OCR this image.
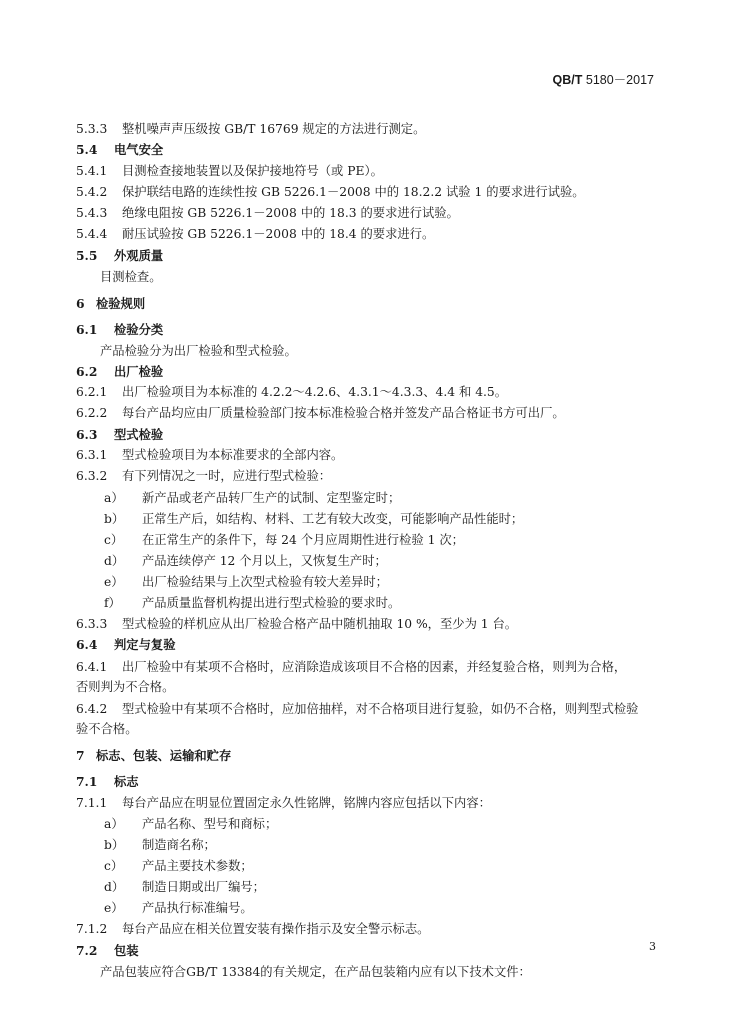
QB/T 5180－2017
5.3.3 整机噪声声压级按 GB/T 16769 规定的方法进行测定。
5.4 电气安全
5.4.1 目测检查接地装置以及保护接地符号（或 PE）。
5.4.2 保护联结电路的连续性按 GB 5226.1－2008 中的 18.2.2 试验 1 的要求进行试验。
5.4.3 绝缘电阻按 GB 5226.1－2008 中的 18.3 的要求进行试验。
5.4.4 耐压试验按 GB 5226.1－2008 中的 18.4 的要求进行。
5.5 外观质量
目测检查。
6 检验规则
6.1 检验分类
产品检验分为出厂检验和型式检验。
6.2 出厂检验
6.2.1 出厂检验项目为本标准的 4.2.2～4.2.6、4.3.1～4.3.3、4.4 和 4.5。
6.2.2 每台产品均应由厂质量检验部门按本标准检验合格并签发产品合格证书方可出厂。
6.3 型式检验
6.3.1 型式检验项目为本标准要求的全部内容。
6.3.2 有下列情况之一时，应进行型式检验：
a） 新产品或老产品转厂生产的试制、定型鉴定时；
b） 正常生产后，如结构、材料、工艺有较大改变，可能影响产品性能时；
c） 在正常生产的条件下，每 24 个月应周期性进行检验 1 次；
d） 产品连续停产 12 个月以上，又恢复生产时；
e） 出厂检验结果与上次型式检验有较大差异时；
f） 产品质量监督机构提出进行型式检验的要求时。
6.3.3 型式检验的样机应从出厂检验合格产品中随机抽取 10 %，至少为 1 台。
6.4 判定与复验
6.4.1 出厂检验中有某项不合格时，应消除造成该项目不合格的因素，并经复验合格，则判为合格，
否则判为不合格。
6.4.2 型式检验中有某项不合格时，应加倍抽样，对不合格项目进行复验，如仍不合格，则判型式检验
验不合格。
7 标志、包装、运输和贮存
7.1 标志
7.1.1 每台产品应在明显位置固定永久性铭牌，铭牌内容应包括以下内容：
a） 产品名称、型号和商标；
b） 制造商名称；
c） 产品主要技术参数；
d） 制造日期或出厂编号；
e） 产品执行标准编号。
7.1.2 每台产品应在相关位置安装有操作指示及安全警示标志。
7.2 包装
产品包装应符合GB/T 13384的有关规定，在产品包装箱内应有以下技术文件：
3
